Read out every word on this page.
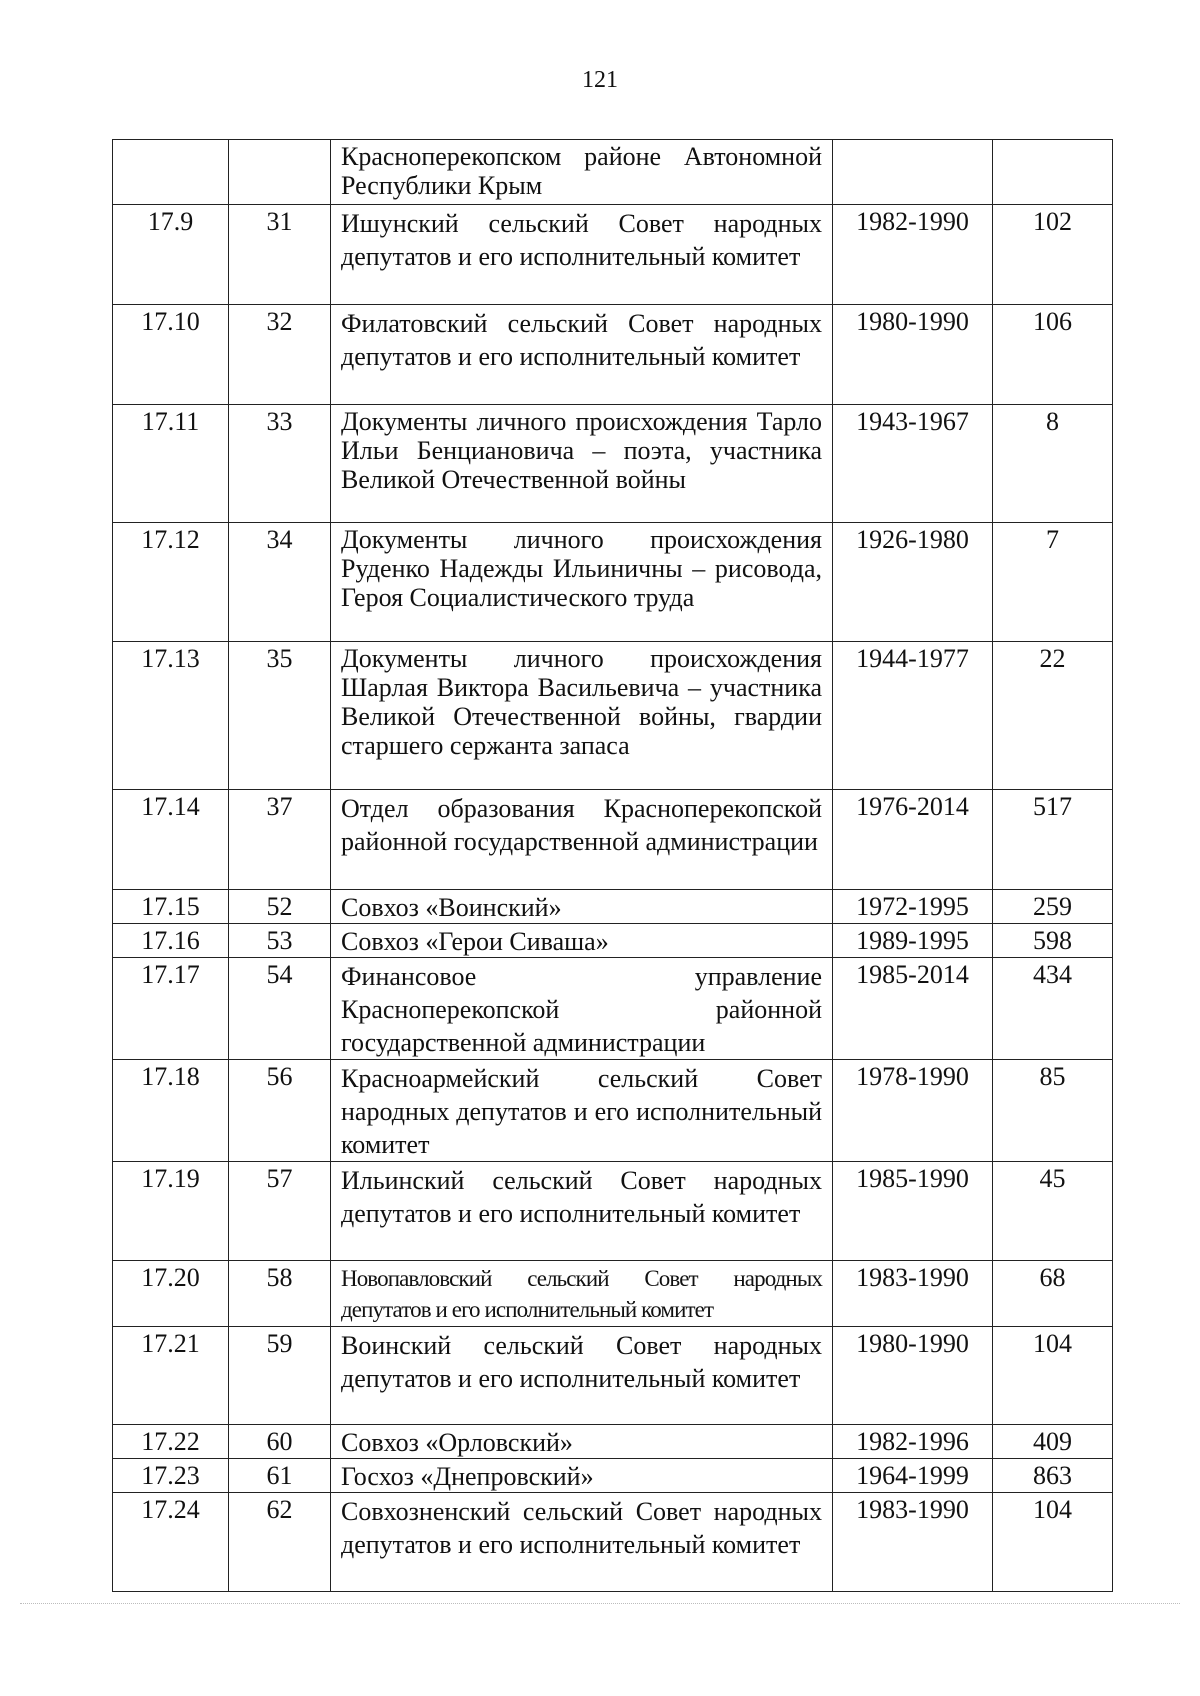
121
		Красноперекопском районе Автономной Республики Крым		
17.9	31	Ишунский сельский Совет народных депутатов и его исполнительный комитет	1982-1990	102
17.10	32	Филатовский сельский Совет народных депутатов и его исполнительный комитет	1980-1990	106
17.11	33	Документы личного происхождения Тарло Ильи Бенциановича – поэта, участника Великой Отечественной войны	1943-1967	8
17.12	34	Документы личного происхождения Руденко Надежды Ильиничны – рисовода, Героя Социалистического труда	1926-1980	7
17.13	35	Документы личного происхождения Шарлая Виктора Васильевича – участника Великой Отечественной войны, гвардии старшего сержанта запаса	1944-1977	22
17.14	37	Отдел образования Красноперекопской районной государственной администрации	1976-2014	517
17.15	52	Совхоз «Воинский»	1972-1995	259
17.16	53	Совхоз «Герои Сиваша»	1989-1995	598
17.17	54	Финансовое управление Красноперекопской районной государственной администрации	1985-2014	434
17.18	56	Красноармейский сельский Совет народных депутатов и его исполнительный комитет	1978-1990	85
17.19	57	Ильинский сельский Совет народных депутатов и его исполнительный комитет	1985-1990	45
17.20	58	Новопавловский сельский Совет народных депутатов и его исполнительный комитет	1983-1990	68
17.21	59	Воинский сельский Совет народных депутатов и его исполнительный комитет	1980-1990	104
17.22	60	Совхоз «Орловский»	1982-1996	409
17.23	61	Госхоз «Днепровский»	1964-1999	863
17.24	62	Совхозненский сельский Совет народных депутатов и его исполнительный комитет	1983-1990	104
